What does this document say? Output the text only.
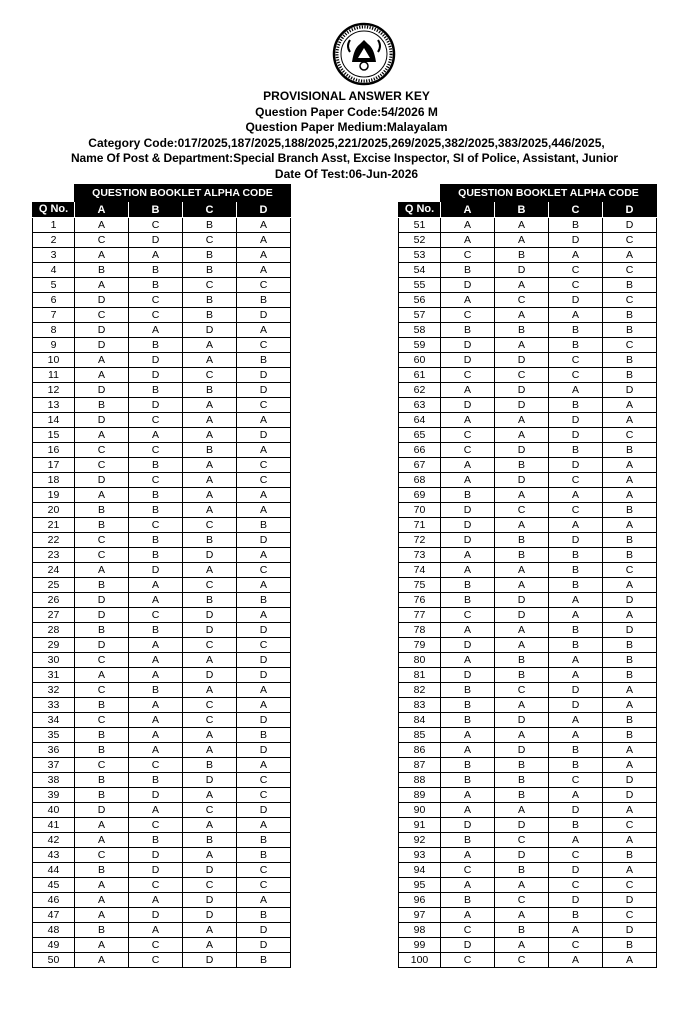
PROVISIONAL ANSWER KEY
Question Paper Code:54/2026 M
Question Paper Medium:Malayalam
Category Code:017/2025,187/2025,188/2025,221/2025,269/2025,382/2025,383/2025,446/2025,
Name Of Post & Department:Special Branch Asst, Excise Inspector, SI of Police, Assistant, Junior
Date Of Test:06-Jun-2026
	QUESTION BOOKLET ALPHA CODE			
Q No.	A	B	C	D
1	A	C	B	A
2	C	D	C	A
3	A	A	B	A
4	B	B	B	A
5	A	B	C	C
6	D	C	B	B
7	C	C	B	D
8	D	A	D	A
9	D	B	A	C
10	A	D	A	B
11	A	D	C	D
12	D	B	B	D
13	B	D	A	C
14	D	C	A	A
15	A	A	A	D
16	C	C	B	A
17	C	B	A	C
18	D	C	A	C
19	A	B	A	A
20	B	B	A	A
21	B	C	C	B
22	C	B	B	D
23	C	B	D	A
24	A	D	A	C
25	B	A	C	A
26	D	A	B	B
27	D	C	D	A
28	B	B	D	D
29	D	A	C	C
30	C	A	A	D
31	A	A	D	D
32	C	B	A	A
33	B	A	C	A
34	C	A	C	D
35	B	A	A	B
36	B	A	A	D
37	C	C	B	A
38	B	B	D	C
39	B	D	A	C
40	D	A	C	D
41	A	C	A	A
42	A	B	B	B
43	C	D	A	B
44	B	D	D	C
45	A	C	C	C
46	A	A	D	A
47	A	D	D	B
48	B	A	A	D
49	A	C	A	D
50	A	C	D	B
	QUESTION BOOKLET ALPHA CODE			
Q No.	A	B	C	D
51	A	A	B	D
52	A	A	D	C
53	C	B	A	A
54	B	D	C	C
55	D	A	C	B
56	A	C	D	C
57	C	A	A	B
58	B	B	B	B
59	D	A	B	C
60	D	D	C	B
61	C	C	C	B
62	A	D	A	D
63	D	D	B	A
64	A	A	D	A
65	C	A	D	C
66	C	D	B	B
67	A	B	D	A
68	A	D	C	A
69	B	A	A	A
70	D	C	C	B
71	D	A	A	A
72	D	B	D	B
73	A	B	B	B
74	A	A	B	C
75	B	A	B	A
76	B	D	A	D
77	C	D	A	A
78	A	A	B	D
79	D	A	B	B
80	A	B	A	B
81	D	B	A	B
82	B	C	D	A
83	B	A	D	A
84	B	D	A	B
85	A	A	A	B
86	A	D	B	A
87	B	B	B	A
88	B	B	C	D
89	A	B	A	D
90	A	A	D	A
91	D	D	B	C
92	B	C	A	A
93	A	D	C	B
94	C	B	D	A
95	A	A	C	C
96	B	C	D	D
97	A	A	B	C
98	C	B	A	D
99	D	A	C	B
100	C	C	A	A
